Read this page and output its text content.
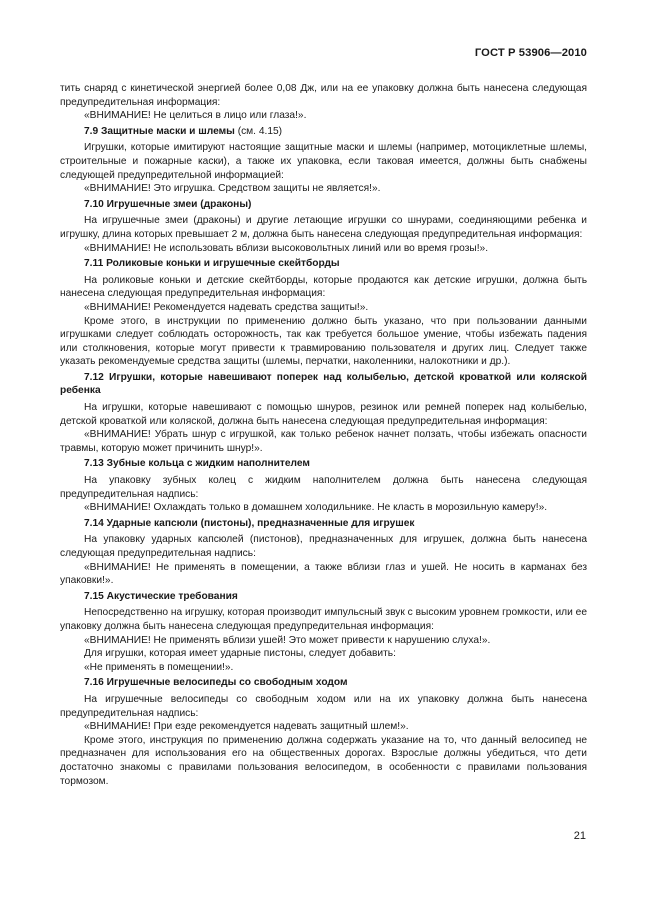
ГОСТ Р 53906—2010

тить снаряд с кинетической энергией более 0,08 Дж, или на ее упаковку должна быть нанесена следующая предупредительная информация:

«ВНИМАНИЕ! Не целиться в лицо или глаза!».

7.9 Защитные маски и шлемы (см. 4.15)

Игрушки, которые имитируют настоящие защитные маски и шлемы (например, мотоциклетные шлемы, строительные и пожарные каски), а также их упаковка, если таковая имеется, должны быть снабжены следующей предупредительной информацией:

«ВНИМАНИЕ! Это игрушка. Средством защиты не является!».

7.10 Игрушечные змеи (драконы)

На игрушечные змеи (драконы) и другие летающие игрушки со шнурами, соединяющими ребенка и игрушку, длина которых превышает 2 м, должна быть нанесена следующая предупредительная информация:

«ВНИМАНИЕ! Не использовать вблизи высоковольтных линий или во время грозы!».

7.11 Роликовые коньки и игрушечные скейтборды

На роликовые коньки и детские скейтборды, которые продаются как детские игрушки, должна быть нанесена следующая предупредительная информация:

«ВНИМАНИЕ! Рекомендуется надевать средства защиты!».

Кроме этого, в инструкции по применению должно быть указано, что при пользовании данными игрушками следует соблюдать осторожность, так как требуется большое умение, чтобы избежать падения или столкновения, которые могут привести к травмированию пользователя и других лиц. Следует также указать рекомендуемые средства защиты (шлемы, перчатки, наколенники, налокотники и др.).

7.12 Игрушки, которые навешивают поперек над колыбелью, детской кроваткой или коляской ребенка

На игрушки, которые навешивают с помощью шнуров, резинок или ремней поперек над колыбелью, детской кроваткой или коляской, должна быть нанесена следующая предупредительная информация:

«ВНИМАНИЕ! Убрать шнур с игрушкой, как только ребенок начнет ползать, чтобы избежать опасности травмы, которую может причинить шнур!».

7.13 Зубные кольца с жидким наполнителем

На упаковку зубных колец с жидким наполнителем должна быть нанесена следующая предупредительная надпись:

«ВНИМАНИЕ! Охлаждать только в домашнем холодильнике. Не класть в морозильную камеру!».

7.14 Ударные капсюли (пистоны), предназначенные для игрушек

На упаковку ударных капсюлей (пистонов), предназначенных для игрушек, должна быть нанесена следующая предупредительная надпись:

«ВНИМАНИЕ! Не применять в помещении, а также вблизи глаз и ушей. Не носить в карманах без упаковки!».

7.15 Акустические требования

Непосредственно на игрушку, которая производит импульсный звук с высоким уровнем громкости, или ее упаковку должна быть нанесена следующая предупредительная информация:

«ВНИМАНИЕ! Не применять вблизи ушей! Это может привести к нарушению слуха!».

Для игрушки, которая имеет ударные пистоны, следует добавить:

«Не применять в помещении!».

7.16 Игрушечные велосипеды со свободным ходом

На игрушечные велосипеды со свободным ходом или на их упаковку должна быть нанесена предупредительная надпись:

«ВНИМАНИЕ! При езде рекомендуется надевать защитный шлем!».

Кроме этого, инструкция по применению должна содержать указание на то, что данный велосипед не предназначен для использования его на общественных дорогах. Взрослые должны убедиться, что дети достаточно знакомы с правилами пользования велосипедом, в особенности с правилами пользования тормозом.

21
